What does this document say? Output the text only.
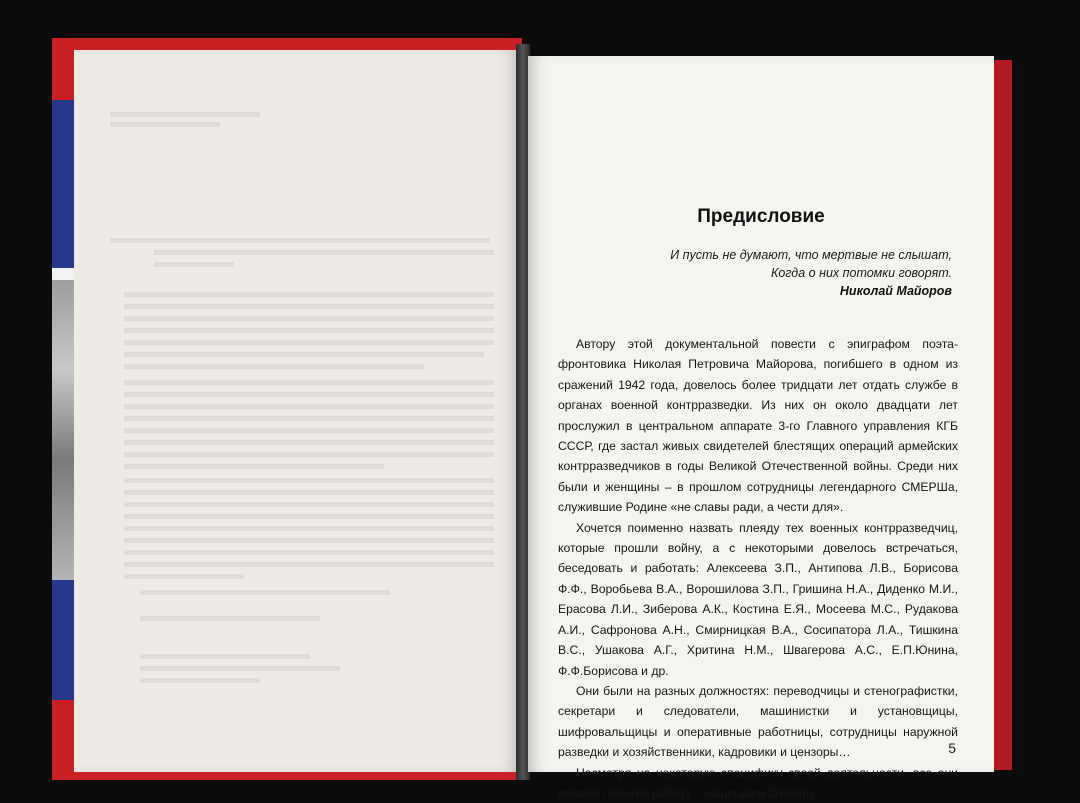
Предисловие
И пусть не думают, что мертвые не слышат,
Когда о них потомки говорят.
Николай Майоров

Автору этой документальной повести с эпиграфом поэта-фронтовика Николая Петровича Майорова, погибшего в одном из сражений 1942 года, довелось более тридцати лет отдать службе в органах военной контрразведки. Из них он около двадцати лет прослужил в центральном аппарате 3-го Главного управления КГБ СССР, где застал живых свидетелей блестящих операций армейских контрразведчиков в годы Великой Отечественной войны. Среди них были и женщины – в прошлом сотрудницы легендарного СМЕРШа, служившие Родине «не славы ради, а чести для».

Хочется поименно назвать плеяду тех военных контрразведчиц, которые прошли войну, а с некоторыми довелось встречаться, беседовать и работать: Алексеева З.П., Антипова Л.В., Борисова Ф.Ф., Воробьева В.А., Ворошилова З.П., Гришина Н.А., Диденко М.И., Ерасова Л.И., Зиберова А.К., Костина Е.Я., Мосеева М.С., Рудакова А.И., Сафронова А.Н., Смирницкая В.А., Сосипатора Л.А., Тишкина В.С., Ушакова А.Г., Хритина Н.М., Швагерова А.С., Е.П.Юнина, Ф.Ф.Борисова и др.

Они были на разных должностях: переводчицы и стенографистки, секретари и следователи, машинистки и установщицы, шифровальщицы и оперативные работницы, сотрудницы наружной разведки и хозяйственники, кадровики и цензоры…

Несмотря на некоторую специфику своей деятельности, все они делали главную работу – защищали Отчизну.

5
